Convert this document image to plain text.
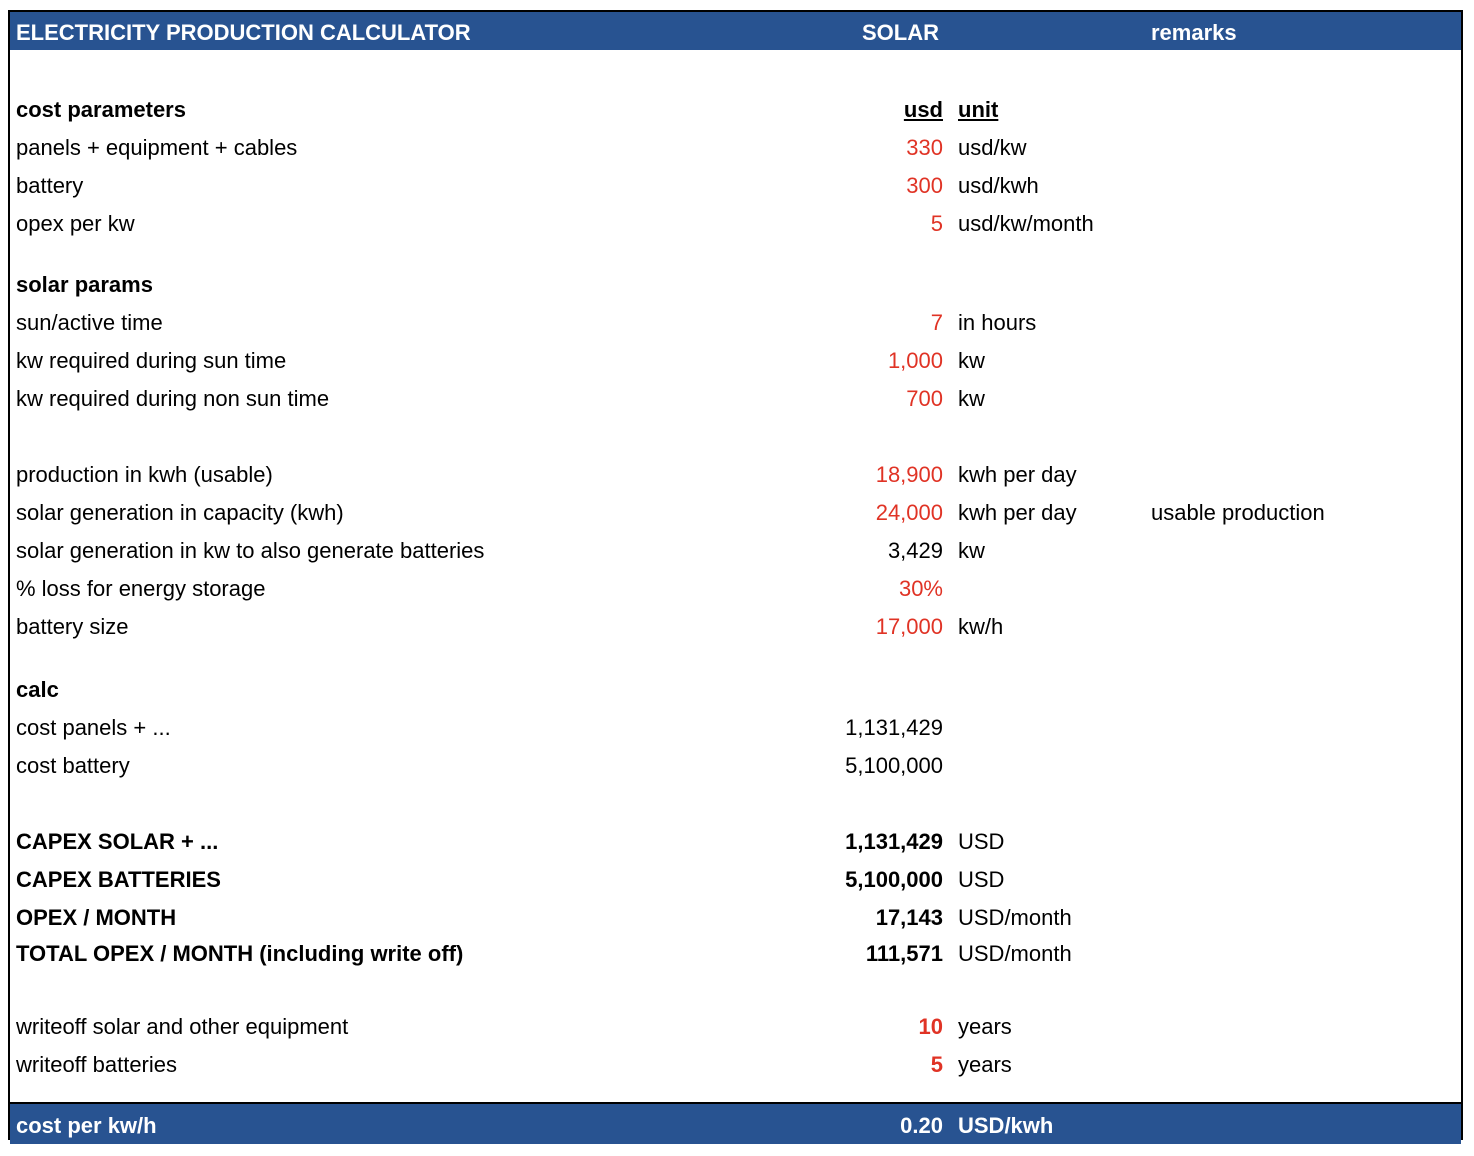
ELECTRICITY PRODUCTION CALCULATOR	SOLAR	remarks
cost parameters	usd unit
panels + equipment + cables	330 usd/kw
battery	300 usd/kwh
opex per kw	5 usd/kw/month
solar params
sun/active time	7 in hours
kw required during sun time	1,000 kw
kw required during non sun time	700 kw
production in kwh (usable)	18,900 kwh per day
solar generation in capacity (kwh)	24,000 kwh per day	usable production
solar generation in kw to also generate batteries	3,429 kw
% loss for energy storage	30%
battery size	17,000 kw/h
calc
cost panels + ...	1,131,429
cost battery	5,100,000
CAPEX SOLAR + ...	1,131,429 USD
CAPEX BATTERIES	5,100,000 USD
OPEX / MONTH	17,143 USD/month
TOTAL OPEX / MONTH (including write off)	111,571 USD/month
writeoff solar and other equipment	10 years
writeoff batteries	5 years
cost per kw/h	0.20 USD/kwh
